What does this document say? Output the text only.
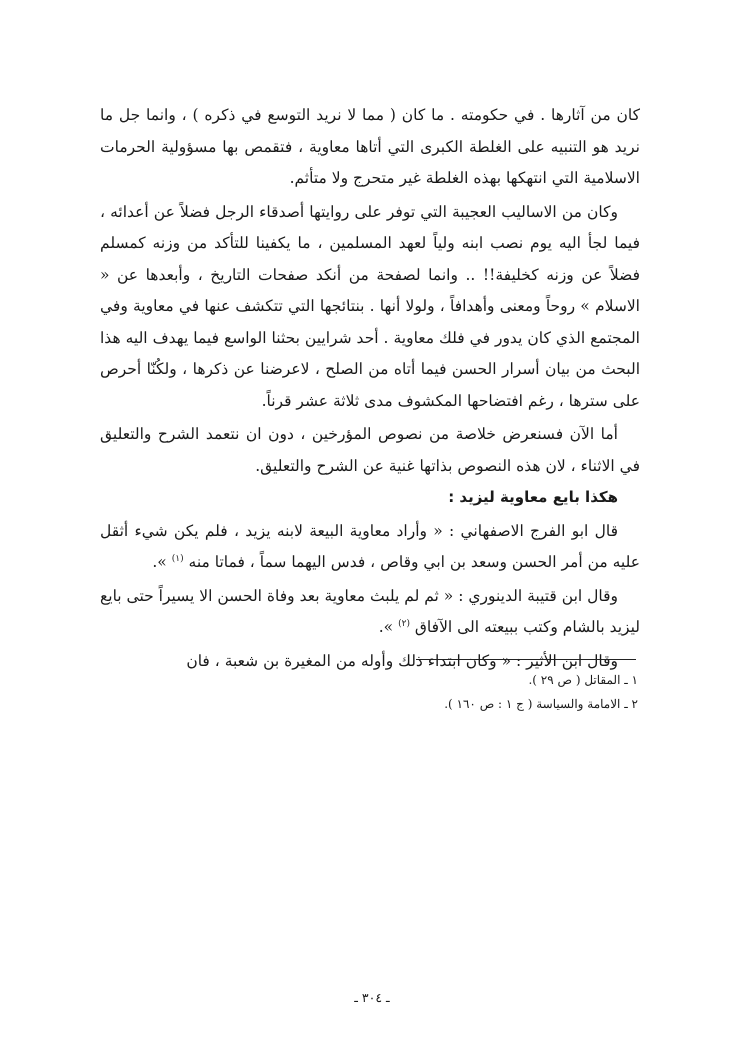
كان من آثارها . في حكومته . ما كان ( مما لا نريد التوسع في ذكره ) ، وانما جل ما نريد هو التنبيه على الغلطة الكبرى التي أتاها معاوية ، فتقمص بها مسؤولية الحرمات الاسلامية التي انتهكها بهذه الغلطة غير متحرج ولا متأثم.

وكان من الاساليب العجيبة التي توفر على روايتها أصدقاء الرجل فضلاً عن أعدائه ، فيما لجأ اليه يوم نصب ابنه ولياً لعهد المسلمين ، ما يكفينا للتأكد من وزنه كمسلم فضلاً عن وزنه كخليفة!! .. وانما لصفحة من أنكد صفحات التاريخ ، وأبعدها عن « الاسلام » روحاً ومعنى وأهدافاً ، ولولا أنها . بنتائجها التي تتكشف عنها في معاوية وفي المجتمع الذي كان يدور في فلك معاوية . أحد شرايين بحثنا الواسع فيما يهدف اليه هذا البحث من بيان أسرار الحسن فيما أتاه من الصلح ، لاعرضنا عن ذكرها ، ولكُنّا أحرص على سترها ، رغم افتضاحها المكشوف مدى ثلاثة عشر قرناً.

أما الآن فسنعرض خلاصة من نصوص المؤرخين ، دون ان نتعمد الشرح والتعليق في الاثناء ، لان هذه النصوص بذاتها غنية عن الشرح والتعليق.

هكذا بايع معاوية ليزيد :

قال ابو الفرج الاصفهاني : « وأراد معاوية البيعة لابنه يزيد ، فلم يكن شيء أثقل عليه من أمر الحسن وسعد بن ابي وقاص ، فدس اليهما سماً ، فماتا منه $^{(١)}$ ».

وقال ابن قتيبة الدينوري : « ثم لم يلبث معاوية بعد وفاة الحسن الا يسيراً حتى بايع ليزيد بالشام وكتب ببيعته الى الآفاق $^{(٢)}$ ».

وقال ابن الأثير : « وكان ابتداء ذلك وأوله من المغيرة بن شعبة ، فان

١ ـ المقاتل ( ص ٢٩ ).

٢ ـ الامامة والسياسة ( ج ١ : ص ١٦٠ ).

ـ ٣٠٤ ـ
